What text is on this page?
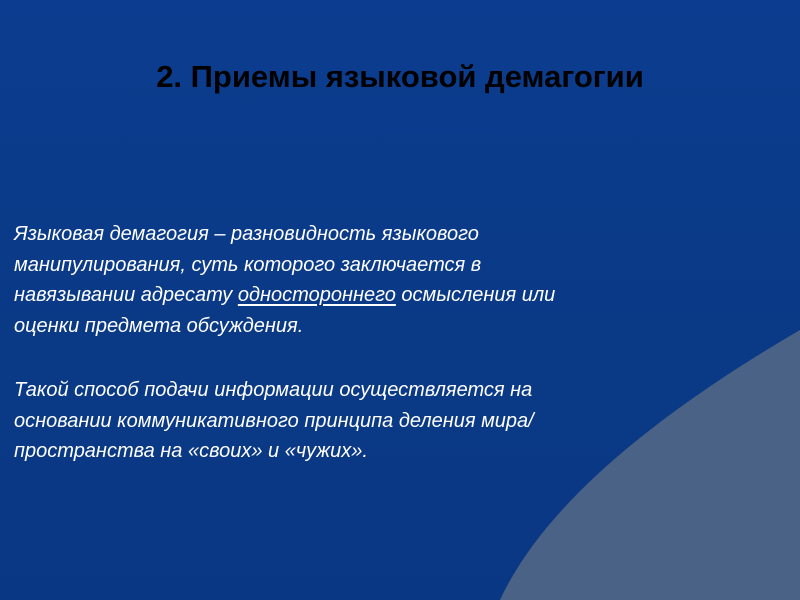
2. Приемы языковой демагогии

Языковая демагогия – разновидность языкового
манипулирования, суть которого заключается в
навязывании адресату одностороннего осмысления или
оценки предмета обсуждения.

Такой способ подачи информации осуществляется на
основании коммуникативного принципа деления мира/
пространства на «своих» и «чужих».
